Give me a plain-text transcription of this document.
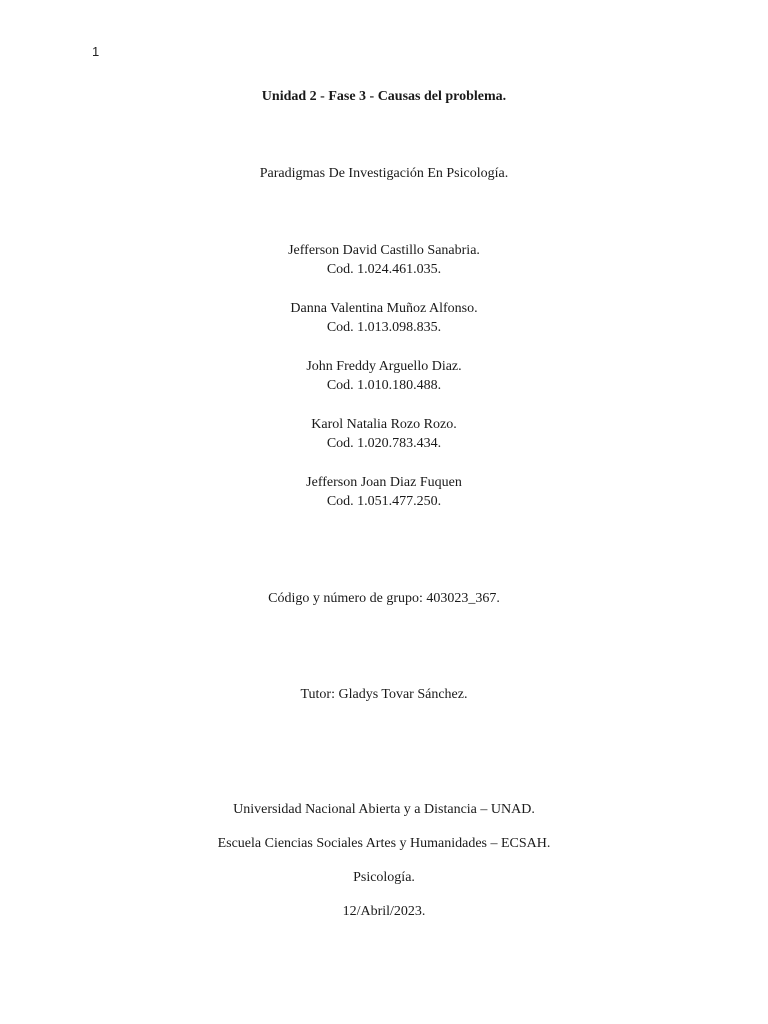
1
Unidad 2 - Fase 3 - Causas del problema.
Paradigmas De Investigación En Psicología.
Jefferson David Castillo Sanabria.
Cod. 1.024.461.035.
Danna Valentina Muñoz Alfonso.
Cod. 1.013.098.835.
John Freddy Arguello Diaz.
Cod. 1.010.180.488.
Karol Natalia Rozo Rozo.
Cod. 1.020.783.434.
Jefferson Joan Diaz Fuquen
Cod. 1.051.477.250.
Código y número de grupo: 403023_367.
Tutor: Gladys Tovar Sánchez.
Universidad Nacional Abierta y a Distancia – UNAD.
Escuela Ciencias Sociales Artes y Humanidades – ECSAH.
Psicología.
12/Abril/2023.
